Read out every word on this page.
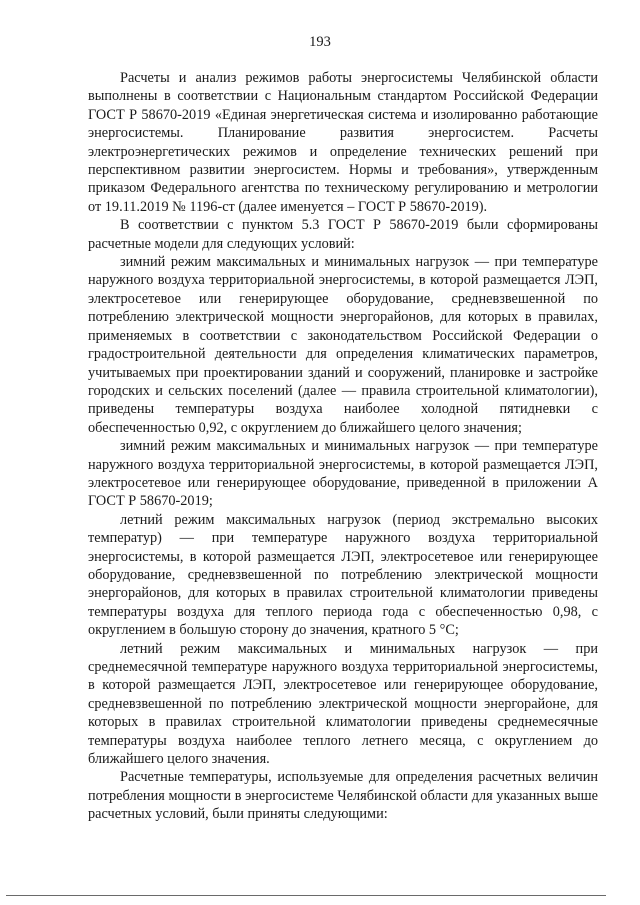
193

Расчеты и анализ режимов работы энергосистемы Челябинской области выполнены в соответствии с Национальным стандартом Российской Федерации ГОСТ Р 58670-2019 «Единая энергетическая система и изолированно работающие энергосистемы. Планирование развития энергосистем. Расчеты электроэнергетических режимов и определение технических решений при перспективном развитии энергосистем. Нормы и требования», утвержденным приказом Федерального агентства по техническому регулированию и метрологии от 19.11.2019 № 1196-ст (далее именуется – ГОСТ Р 58670-2019).

В соответствии с пунктом 5.3 ГОСТ Р 58670-2019 были сформированы расчетные модели для следующих условий:

зимний режим максимальных и минимальных нагрузок — при температуре наружного воздуха территориальной энергосистемы, в которой размещается ЛЭП, электросетевое или генерирующее оборудование, средневзвешенной по потреблению электрической мощности энергорайонов, для которых в правилах, применяемых в соответствии с законодательством Российской Федерации о градостроительной деятельности для определения климатических параметров, учитываемых при проектировании зданий и сооружений, планировке и застройке городских и сельских поселений (далее — правила строительной климатологии), приведены температуры воздуха наиболее холодной пятидневки с обеспеченностью 0,92, с округлением до ближайшего целого значения;

зимний режим максимальных и минимальных нагрузок — при температуре наружного воздуха территориальной энергосистемы, в которой размещается ЛЭП, электросетевое или генерирующее оборудование, приведенной в приложении А ГОСТ Р 58670-2019;

летний режим максимальных нагрузок (период экстремально высоких температур) — при температуре наружного воздуха территориальной энергосистемы, в которой размещается ЛЭП, электросетевое или генерирующее оборудование, средневзвешенной по потреблению электрической мощности энергорайонов, для которых в правилах строительной климатологии приведены температуры воздуха для теплого периода года с обеспеченностью 0,98, с округлением в большую сторону до значения, кратного 5 °С;

летний режим максимальных и минимальных нагрузок — при среднемесячной температуре наружного воздуха территориальной энергосистемы, в которой размещается ЛЭП, электросетевое или генерирующее оборудование, средневзвешенной по потреблению электрической мощности энергорайоне, для которых в правилах строительной климатологии приведены среднемесячные температуры воздуха наиболее теплого летнего месяца, с округлением до ближайшего целого значения.

Расчетные температуры, используемые для определения расчетных величин потребления мощности в энергосистеме Челябинской области для указанных выше расчетных условий, были приняты следующими:
